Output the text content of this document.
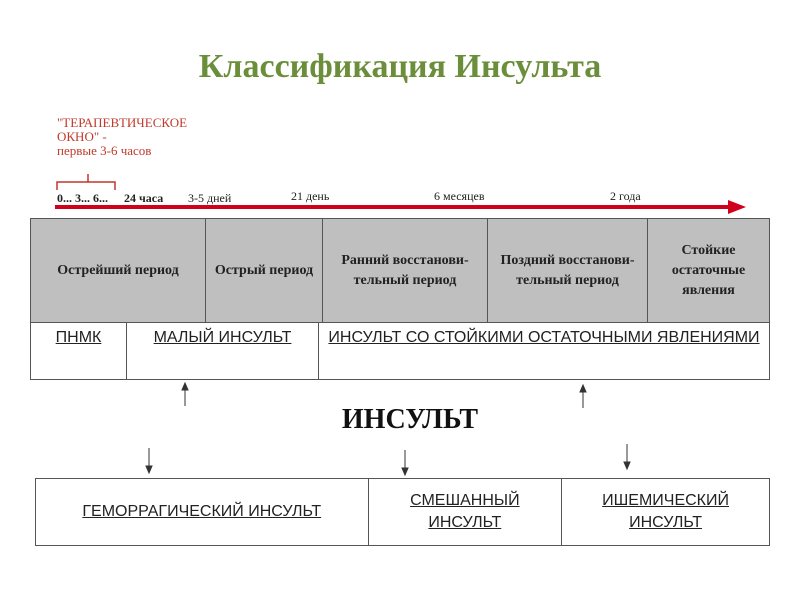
Классификация Инсульта
"ТЕРАПЕВТИЧЕСКОЕ
ОКНО" -
первые 3-6 часов
0... 3... 6... 24 часа 3-5 дней	21 день	6 месяцев	2 года
Острейший период	Острый период	Ранний восстанови-тельный период	Поздний восстанови-тельный период	Стойкие остаточные явления
ПНМК	МАЛЫЙ ИНСУЛЬТ	ИНСУЛЬТ СО СТОЙКИМИ ОСТАТОЧНЫМИ ЯВЛЕНИЯМИ
ИНСУЛЬТ
ГЕМОРРАГИЧЕСКИЙ ИНСУЛЬТ	СМЕШАННЫЙ ИНСУЛЬТ	ИШЕМИЧЕСКИЙ ИНСУЛЬТ
